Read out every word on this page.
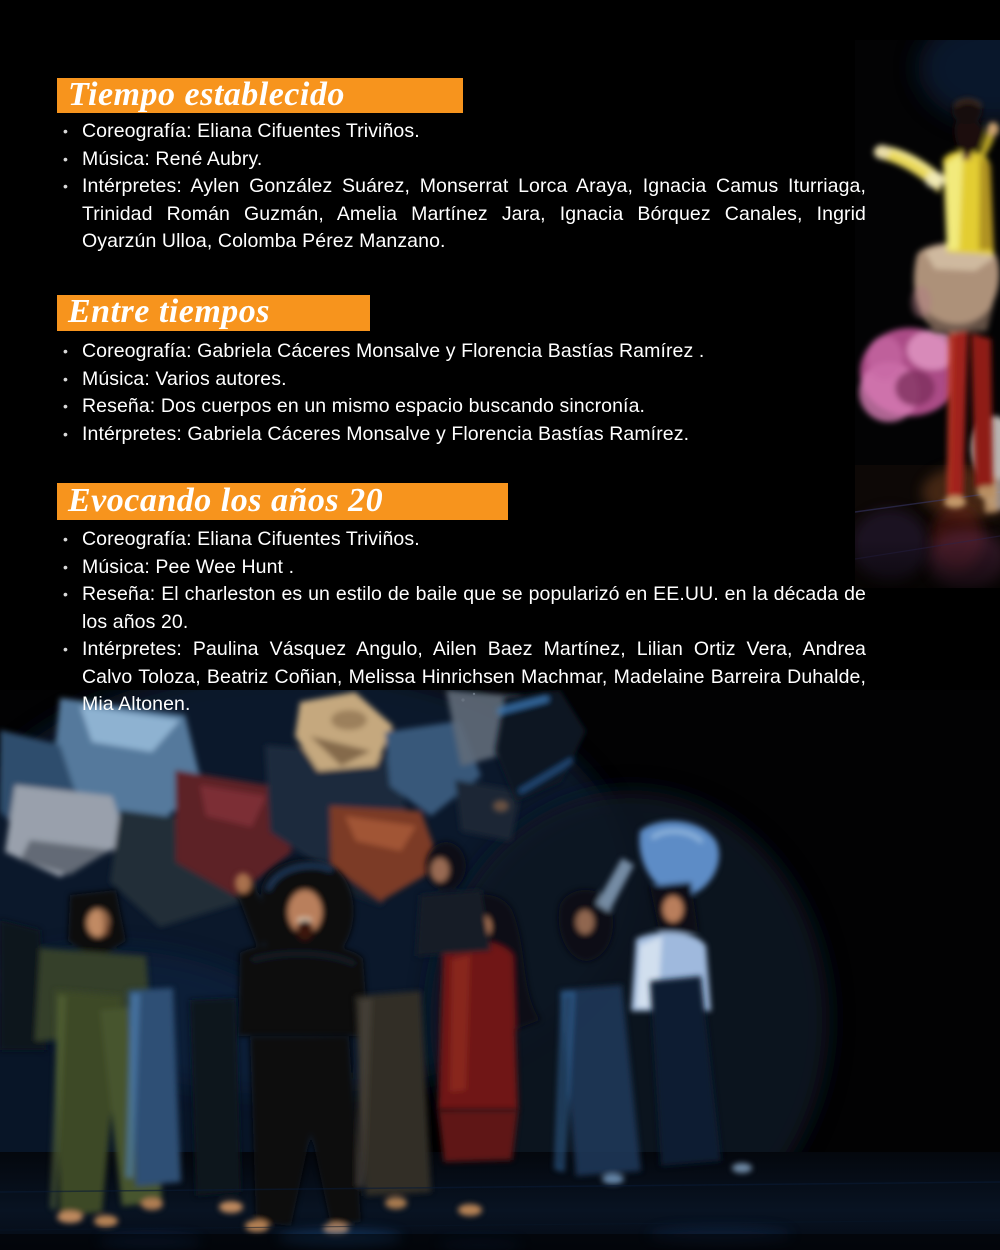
Tiempo establecido
• Coreografía: Eliana Cifuentes Triviños.

• Música: René Aubry.

• Intérpretes: Aylen González Suárez, Monserrat Lorca Araya, Ignacia Camus Iturriaga, Trinidad Román Guzmán, Amelia Martínez Jara, Ignacia Bórquez Canales, Ingrid Oyarzún Ulloa, Colomba Pérez Manzano.

Entre tiempos
• Coreografía: Gabriela Cáceres Monsalve y Florencia Bastías Ramírez .

• Música: Varios autores.

• Reseña: Dos cuerpos en un mismo espacio buscando sincronía.

• Intérpretes: Gabriela Cáceres Monsalve y Florencia Bastías Ramírez.

Evocando los años 20
• Coreografía: Eliana Cifuentes Triviños.

• Música: Pee Wee Hunt .

• Reseña: El charleston es un estilo de baile que se popularizó en EE.UU. en la década de los años 20.

• Intérpretes: Paulina Vásquez Angulo, Ailen Baez Martínez, Lilian Ortiz Vera, Andrea Calvo Toloza, Beatriz Coñian, Melissa Hinrichsen Machmar, Madelaine Barreira Duhalde, Mia Altonen.
